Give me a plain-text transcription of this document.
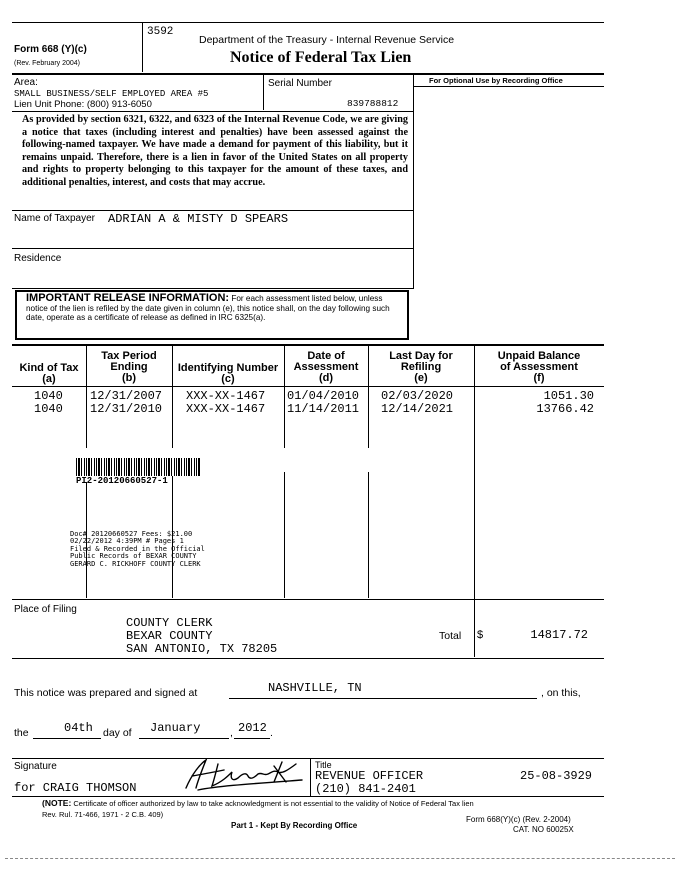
3592
Form 668 (Y)(c)
(Rev. February 2004)
Department of the Treasury - Internal Revenue Service
Notice of Federal Tax Lien
Area:
SMALL BUSINESS/SELF EMPLOYED AREA #5
Lien Unit Phone: (800) 913-6050
Serial Number
839788812
For Optional Use by Recording Office
As provided by section 6321, 6322, and 6323 of the Internal Revenue Code, we are giving a notice that taxes (including interest and penalties) have been assessed against the following-named taxpayer. We have made a demand for payment of this liability, but it remains unpaid. Therefore, there is a lien in favor of the United States on all property and rights to property belonging to this taxpayer for the amount of these taxes, and additional penalties, interest, and costs that may accrue.
Name of Taxpayer ADRIAN A & MISTY D SPEARS
Residence
IMPORTANT RELEASE INFORMATION: For each assessment listed below, unless notice of the lien is refiled by the date given in column (e), this notice shall, on the day following such date, operate as a certificate of release as defined in IRC 6325(a).
Kind of Tax
(a)
Tax Period
Ending
(b)
Identifying Number
(c)
Date of
Assessment
(d)
Last Day for
Refiling
(e)
Unpaid Balance
of Assessment
(f)
1040 12/31/2007 XXX-XX-1467 01/04/2010 02/03/2020	1051.30
1040 12/31/2010 XXX-XX-1467 11/14/2011 12/14/2021	13766.42
PI2-20120660527-1
Doc# 20120660527 Fees: $21.00
02/22/2012 4:39PM # Pages 1
Filed & Recorded in the Official
Public Records of BEXAR COUNTY
GERARD C. RICKHOFF COUNTY CLERK
Place of Filing
COUNTY CLERK
BEXAR COUNTY
SAN ANTONIO, TX 78205
Total $	14817.72
This notice was prepared and signed at	NASHVILLE, TN	, on this,
the	04th day of January	, 2012 .
Signature
for CRAIG THOMSON
Title
REVENUE OFFICER
(210) 841-2401
25-08-3929
(NOTE: Certificate of officer authorized by law to take acknowledgment is not essential to the validity of Notice of Federal Tax lien
Rev. Rul. 71-466, 1971 - 2 C.B. 409)
Part 1 - Kept By Recording Office
Form 668(Y)(c) (Rev. 2-2004)
CAT. NO 60025X
